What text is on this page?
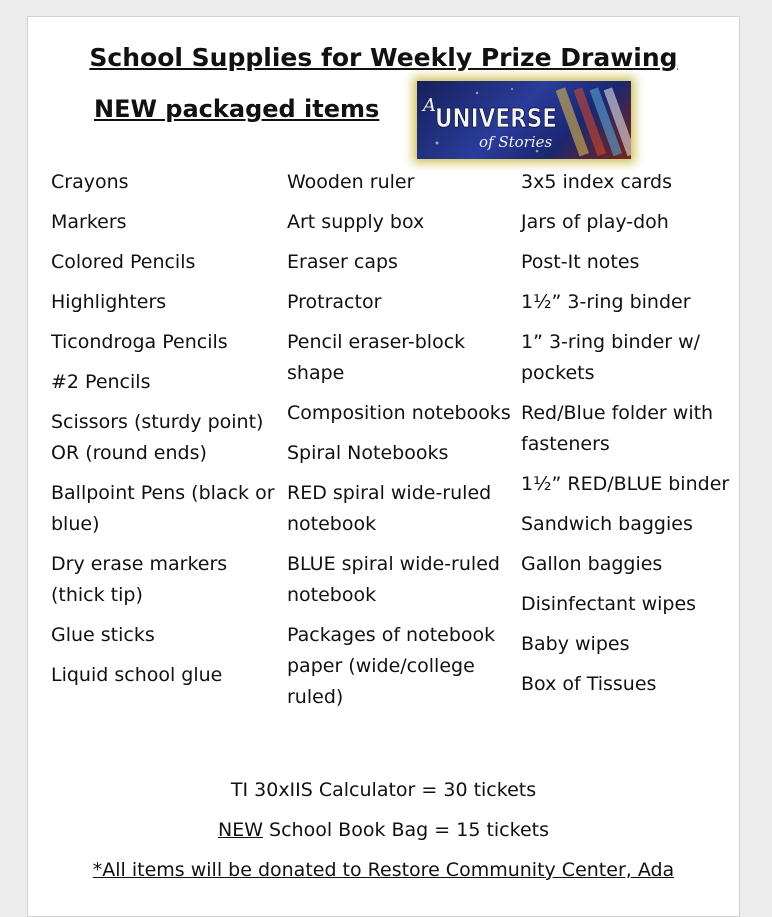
School Supplies for Weekly Prize Drawing
NEW packaged items A UNIVERSE
of Stories
Crayons
Markers
Colored Pencils
Highlighters
Ticondroga Pencils
#2 Pencils
Scissors (sturdy point) OR (round ends)
Ballpoint Pens (black or blue)
Dry erase markers (thick tip)
Glue sticks
Liquid school glue
Wooden ruler
Art supply box
Eraser caps
Protractor
Pencil eraser-block shape
Composition notebooks
Spiral Notebooks
RED spiral wide-ruled notebook
BLUE spiral wide-ruled notebook
Packages of notebook paper (wide/college ruled)
3x5 index cards
Jars of play-doh
Post-It notes
1½” 3-ring binder
1” 3-ring binder w/ pockets
Red/Blue folder with fasteners
1½” RED/BLUE binder
Sandwich baggies
Gallon baggies
Disinfectant wipes
Baby wipes
Box of Tissues
TI 30xIIS Calculator = 30 tickets
NEW School Book Bag = 15 tickets
*All items will be donated to Restore Community Center, Ada
